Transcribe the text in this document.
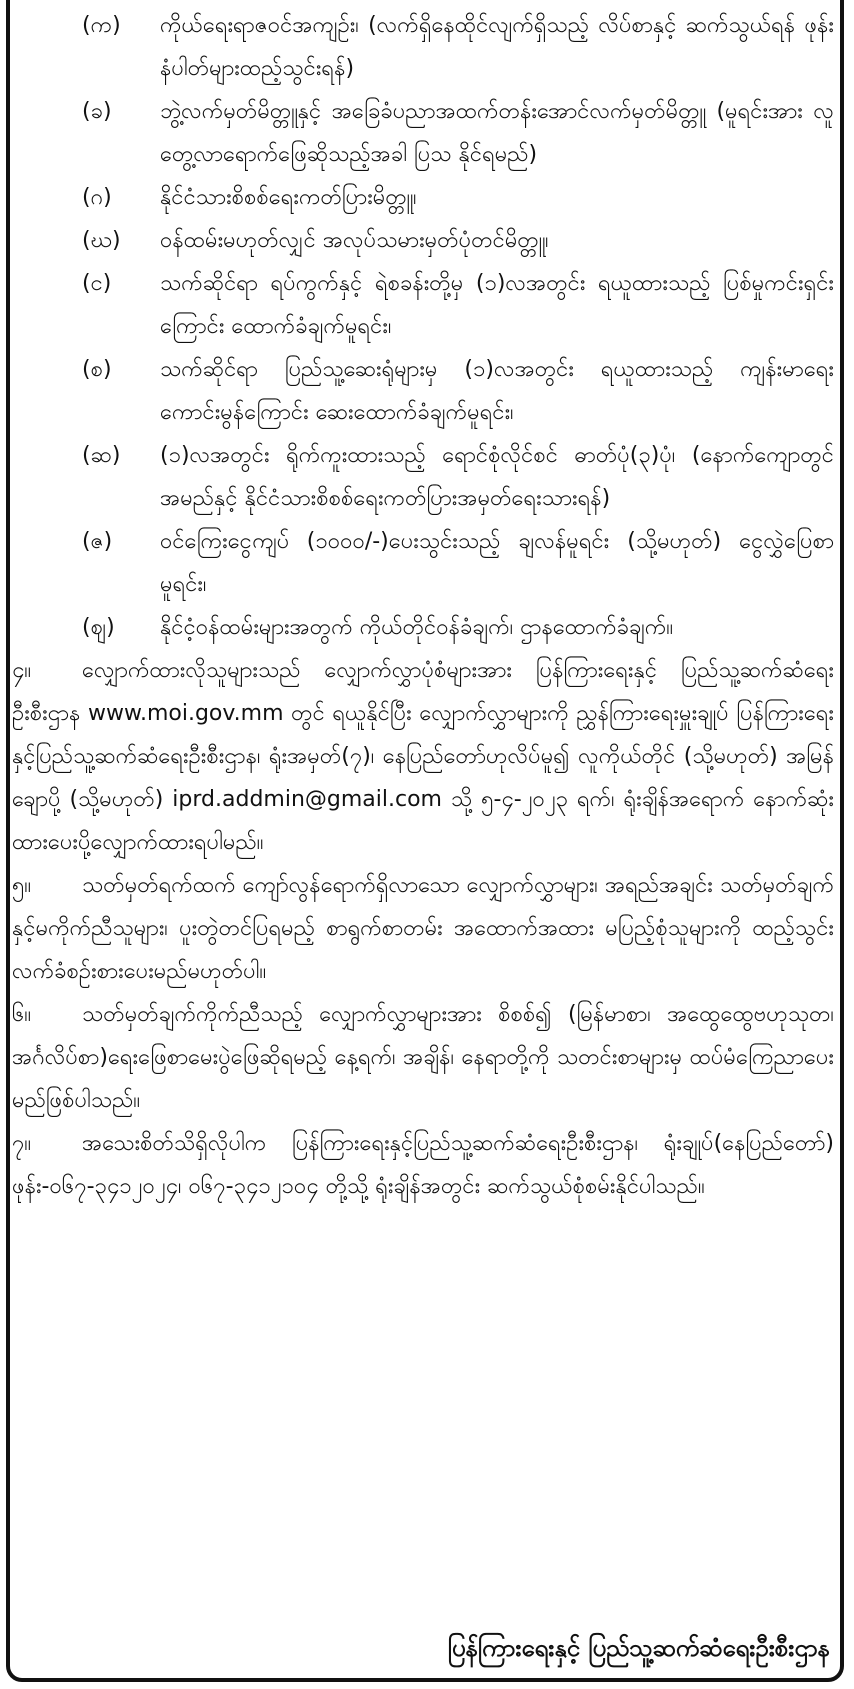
(က)	ကိုယ်ရေးရာဇဝင်အကျဉ်း၊ (လက်ရှိနေထိုင်လျက်ရှိသည့် လိပ်စာနှင့် ဆက်သွယ်ရန် ဖုန်းနံပါတ်များထည့်သွင်းရန်)
(ခ)	ဘွဲ့လက်မှတ်မိတ္တူနှင့် အခြေခံပညာအထက်တန်းအောင်လက်မှတ်မိတ္တူ (မူရင်းအား လူတွေ့လာရောက်ဖြေဆိုသည့်အခါ ပြသ နိုင်ရမည်)
(ဂ)	နိုင်ငံသားစိစစ်ရေးကတ်ပြားမိတ္တူ၊
(ဃ)	ဝန်ထမ်းမဟုတ်လျှင် အလုပ်သမားမှတ်ပုံတင်မိတ္တူ၊
(င)	သက်ဆိုင်ရာ ရပ်ကွက်နှင့် ရဲစခန်းတို့မှ (၁)လအတွင်း ရယူထားသည့် ပြစ်မှုကင်းရှင်းကြောင်း ထောက်ခံချက်မူရင်း၊
(စ)	သက်ဆိုင်ရာ ပြည်သူ့ဆေးရုံများမှ (၁)လအတွင်း ရယူထားသည့် ကျန်းမာရေး ကောင်းမွန်ကြောင်း ဆေးထောက်ခံချက်မူရင်း၊
(ဆ)	(၁)လအတွင်း ရိုက်ကူးထားသည့် ရောင်စုံလိုင်စင် ဓာတ်ပုံ(၃)ပုံ၊ (နောက်ကျောတွင်အမည်နှင့် နိုင်ငံသားစိစစ်ရေးကတ်ပြားအမှတ်ရေးသားရန်)
(ဇ)	ဝင်ကြေးငွေကျပ် (၁၀၀၀/-)ပေးသွင်းသည့် ချလန်မူရင်း (သို့မဟုတ်) ငွေလွှဲပြေစာမူရင်း၊
(ဈ)	နိုင်ငံ့ဝန်ထမ်းများအတွက် ကိုယ်တိုင်ဝန်ခံချက်၊ ဌာနထောက်ခံချက်။
၄။ လျှောက်ထားလိုသူများသည် လျှောက်လွှာပုံစံများအား ပြန်ကြားရေးနှင့် ပြည်သူ့ဆက်ဆံရေးဦးစီးဌာန www.moi.gov.mm တွင် ရယူနိုင်ပြီး လျှောက်လွှာများကို ညွှန်ကြားရေးမှူးချုပ် ပြန်ကြားရေးနှင့်ပြည်သူ့ဆက်ဆံရေးဦးစီးဌာန၊ ရုံးအမှတ်(၇)၊ နေပြည်တော်ဟုလိပ်မူ၍ လူကိုယ်တိုင် (သို့မဟုတ်) အမြန်ချောပို့ (သို့မဟုတ်) iprd.addmin@gmail.com သို့ ၅-၄-၂၀၂၃ ရက်၊ ရုံးချိန်အရောက် နောက်ဆုံးထားပေးပို့လျှောက်ထားရပါမည်။
၅။ သတ်မှတ်ရက်ထက် ကျော်လွန်ရောက်ရှိလာသော လျှောက်လွှာများ၊ အရည်အချင်း သတ်မှတ်ချက်နှင့်မကိုက်ညီသူများ၊ ပူးတွဲတင်ပြရမည့် စာရွက်စာတမ်း အထောက်အထား မပြည့်စုံသူများကို ထည့်သွင်းလက်ခံစဉ်းစားပေးမည်မဟုတ်ပါ။
၆။ သတ်မှတ်ချက်ကိုက်ညီသည့် လျှောက်လွှာများအား စိစစ်၍ (မြန်မာစာ၊ အထွေထွေဗဟုသုတ၊ အင်္ဂလိပ်စာ)ရေးဖြေစာမေးပွဲဖြေဆိုရမည့် နေ့ရက်၊ အချိန်၊ နေရာတို့ကို သတင်းစာများမှ ထပ်မံကြေညာပေးမည်ဖြစ်ပါသည်။
၇။ အသေးစိတ်သိရှိလိုပါက ပြန်ကြားရေးနှင့်ပြည်သူ့ဆက်ဆံရေးဦးစီးဌာန၊ ရုံးချုပ်(နေပြည်တော်) ဖုန်း-၀၆၇-၃၄၁၂၀၂၄၊ ၀၆၇-၃၄၁၂၁၀၄ တို့သို့ ရုံးချိန်အတွင်း ဆက်သွယ်စုံစမ်းနိုင်ပါသည်။
ပြန်ကြားရေးနှင့် ပြည်သူ့ဆက်ဆံရေးဦးစီးဌာန
